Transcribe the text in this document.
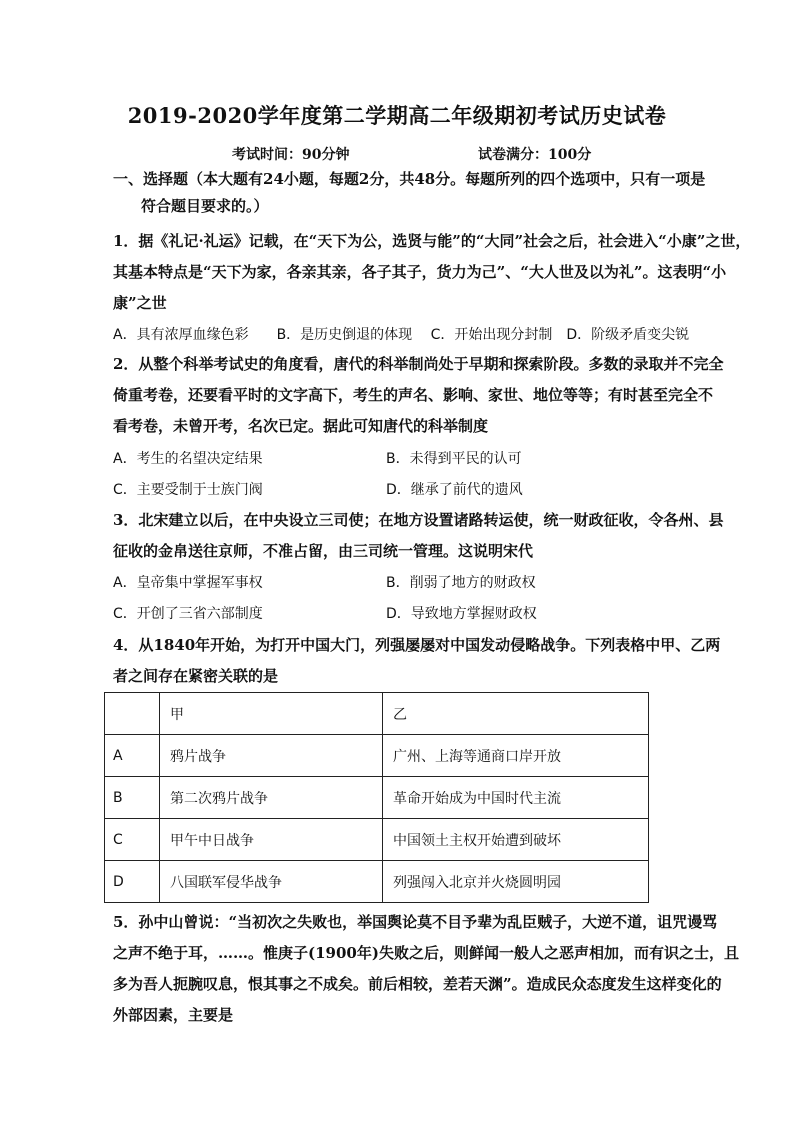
2019-2020学年度第二学期高二年级期初考试历史试卷
考试时间：90分钟	试卷满分：100分
一、选择题（本大题有24小题，每题2分，共48分。每题所列的四个选项中，只有一项是
符合题目要求的。）
1．据《礼记·礼运》记载，在“天下为公，选贤与能”的“大同”社会之后，社会进入“小康”之世，
其基本特点是“天下为家，各亲其亲，各子其子，货力为己”、“大人世及以为礼”。这表明“小
康”之世
A．具有浓厚血缘色彩　　B．是历史倒退的体现　 C．开始出现分封制　D．阶级矛盾变尖锐
2．从整个科举考试史的角度看，唐代的科举制尚处于早期和探索阶段。多数的录取并不完全
倚重考卷，还要看平时的文字高下，考生的声名、影响、家世、地位等等；有时甚至完全不
看考卷，未曾开考，名次已定。据此可知唐代的科举制度
A．考生的名望决定结果	B．未得到平民的认可
C．主要受制于士族门阀	D．继承了前代的遗风
3．北宋建立以后，在中央设立三司使；在地方设置诸路转运使，统一财政征收，令各州、县
征收的金帛送往京师，不准占留，由三司统一管理。这说明宋代
A．皇帝集中掌握军事权	B．削弱了地方的财政权
C．开创了三省六部制度	D．导致地方掌握财政权
4．从1840年开始，为打开中国大门，列强屡屡对中国发动侵略战争。下列表格中甲、乙两
者之间存在紧密关联的是
	甲	乙
A	鸦片战争	广州、上海等通商口岸开放
B	第二次鸦片战争	革命开始成为中国时代主流
C	甲午中日战争	中国领土主权开始遭到破坏
D	八国联军侵华战争	列强闯入北京并火烧圆明园
5．孙中山曾说：“当初次之失败也，举国舆论莫不目予辈为乱臣贼子，大逆不道，诅咒谩骂
之声不绝于耳，……。惟庚子(1900年)失败之后，则鲜闻一般人之恶声相加，而有识之士，且
多为吾人扼腕叹息，恨其事之不成矣。前后相较，差若天渊”。造成民众态度发生这样变化的
外部因素，主要是
